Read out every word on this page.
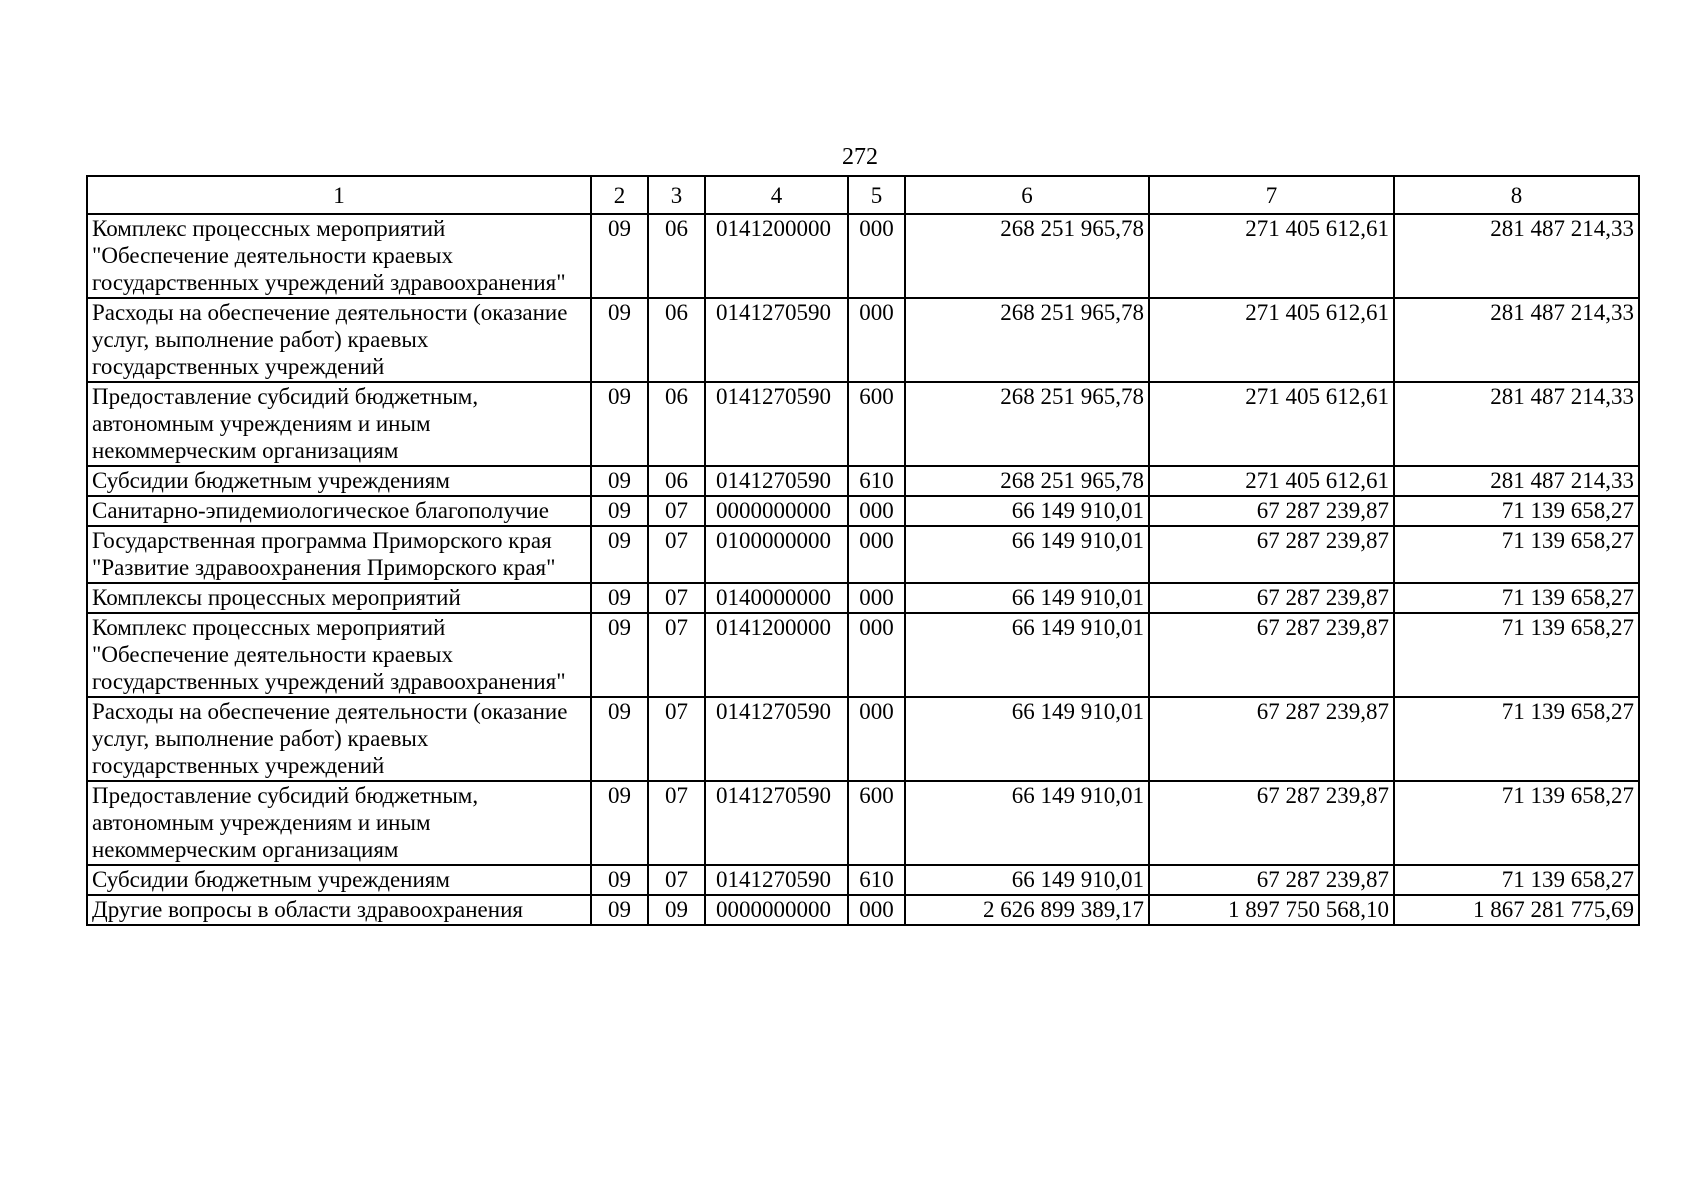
272
1	2	3	4	5	6	7	8
Комплекс процессных мероприятий "Обеспечение деятельности краевых государственных учреждений здравоохранения"	09	06	0141200000	000	268 251 965,78	271 405 612,61	281 487 214,33
Расходы на обеспечение деятельности (оказание услуг, выполнение работ) краевых государственных учреждений	09	06	0141270590	000	268 251 965,78	271 405 612,61	281 487 214,33
Предоставление субсидий бюджетным, автономным учреждениям и иным некоммерческим организациям	09	06	0141270590	600	268 251 965,78	271 405 612,61	281 487 214,33
Субсидии бюджетным учреждениям	09	06	0141270590	610	268 251 965,78	271 405 612,61	281 487 214,33
Санитарно-эпидемиологическое благополучие	09	07	0000000000	000	66 149 910,01	67 287 239,87	71 139 658,27
Государственная программа Приморского края "Развитие здравоохранения Приморского края"	09	07	0100000000	000	66 149 910,01	67 287 239,87	71 139 658,27
Комплексы процессных мероприятий	09	07	0140000000	000	66 149 910,01	67 287 239,87	71 139 658,27
Комплекс процессных мероприятий "Обеспечение деятельности краевых государственных учреждений здравоохранения"	09	07	0141200000	000	66 149 910,01	67 287 239,87	71 139 658,27
Расходы на обеспечение деятельности (оказание услуг, выполнение работ) краевых государственных учреждений	09	07	0141270590	000	66 149 910,01	67 287 239,87	71 139 658,27
Предоставление субсидий бюджетным, автономным учреждениям и иным некоммерческим организациям	09	07	0141270590	600	66 149 910,01	67 287 239,87	71 139 658,27
Субсидии бюджетным учреждениям	09	07	0141270590	610	66 149 910,01	67 287 239,87	71 139 658,27
Другие вопросы в области здравоохранения	09	09	0000000000	000	2 626 899 389,17	1 897 750 568,10	1 867 281 775,69
